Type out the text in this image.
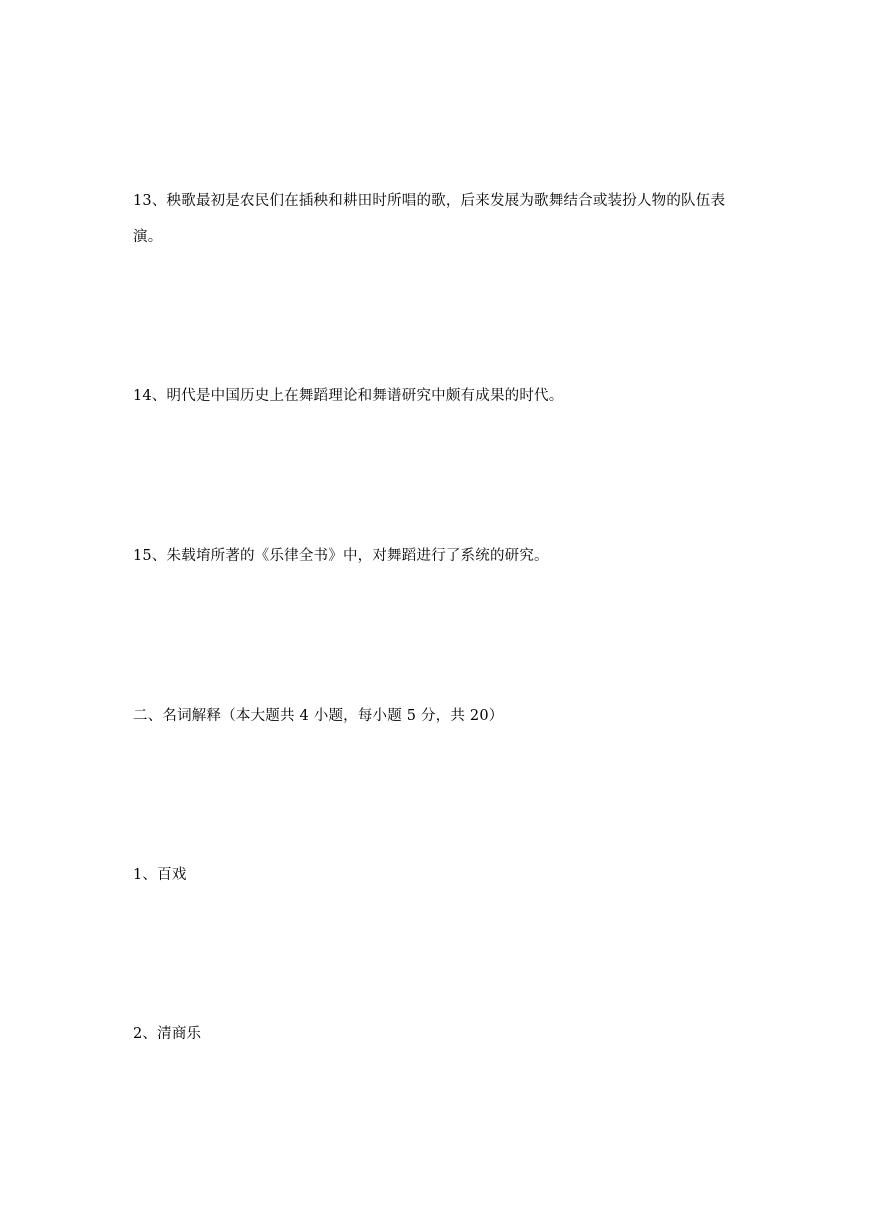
13、秧歌最初是农民们在插秧和耕田时所唱的歌，后来发展为歌舞结合或装扮人物的队伍表
演。
14、明代是中国历史上在舞蹈理论和舞谱研究中颇有成果的时代。
15、朱载堉所著的《乐律全书》中，对舞蹈进行了系统的研究。
二、名词解释（本大题共 4 小题，每小题 5 分，共 20）
1、百戏
2、清商乐
